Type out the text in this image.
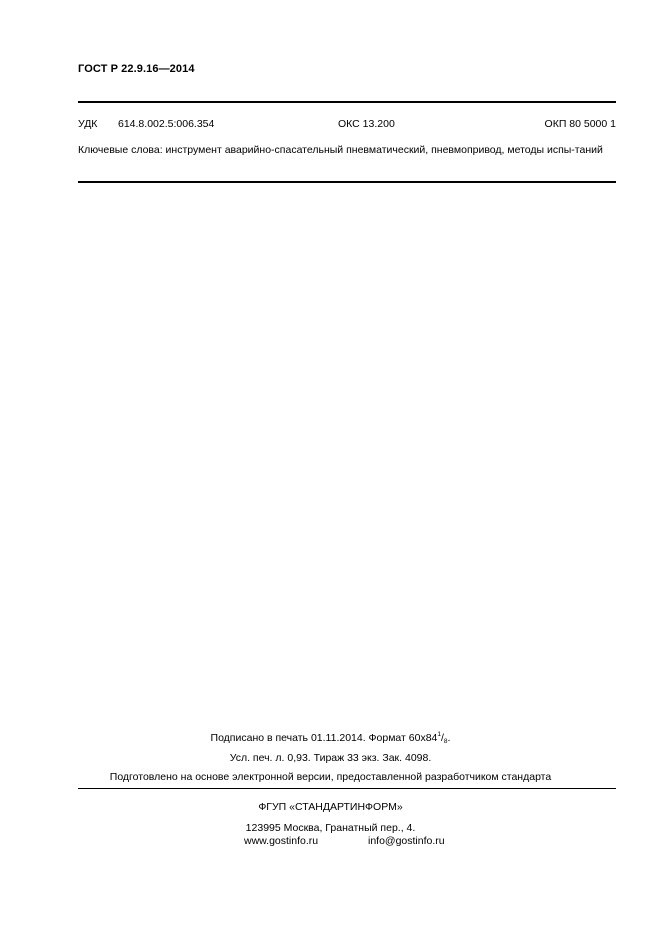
ГОСТ Р 22.9.16—2014
УДК 614.8.002.5:006.354	ОКС 13.200	ОКП 80 5000 1
Ключевые слова: инструмент аварийно-спасательный пневматический, пневмопривод, методы испы-таний
Подписано в печать 01.11.2014. Формат $60х84^1/_8$.
Усл. печ. л. 0,93. Тираж 33 экз. Зак. 4098.
Подготовлено на основе электронной версии, предоставленной разработчиком стандарта
ФГУП «СТАНДАРТИНФОРМ»
123995 Москва, Гранатный пер., 4.
www.gostinfo.ru	info@gostinfo.ru
